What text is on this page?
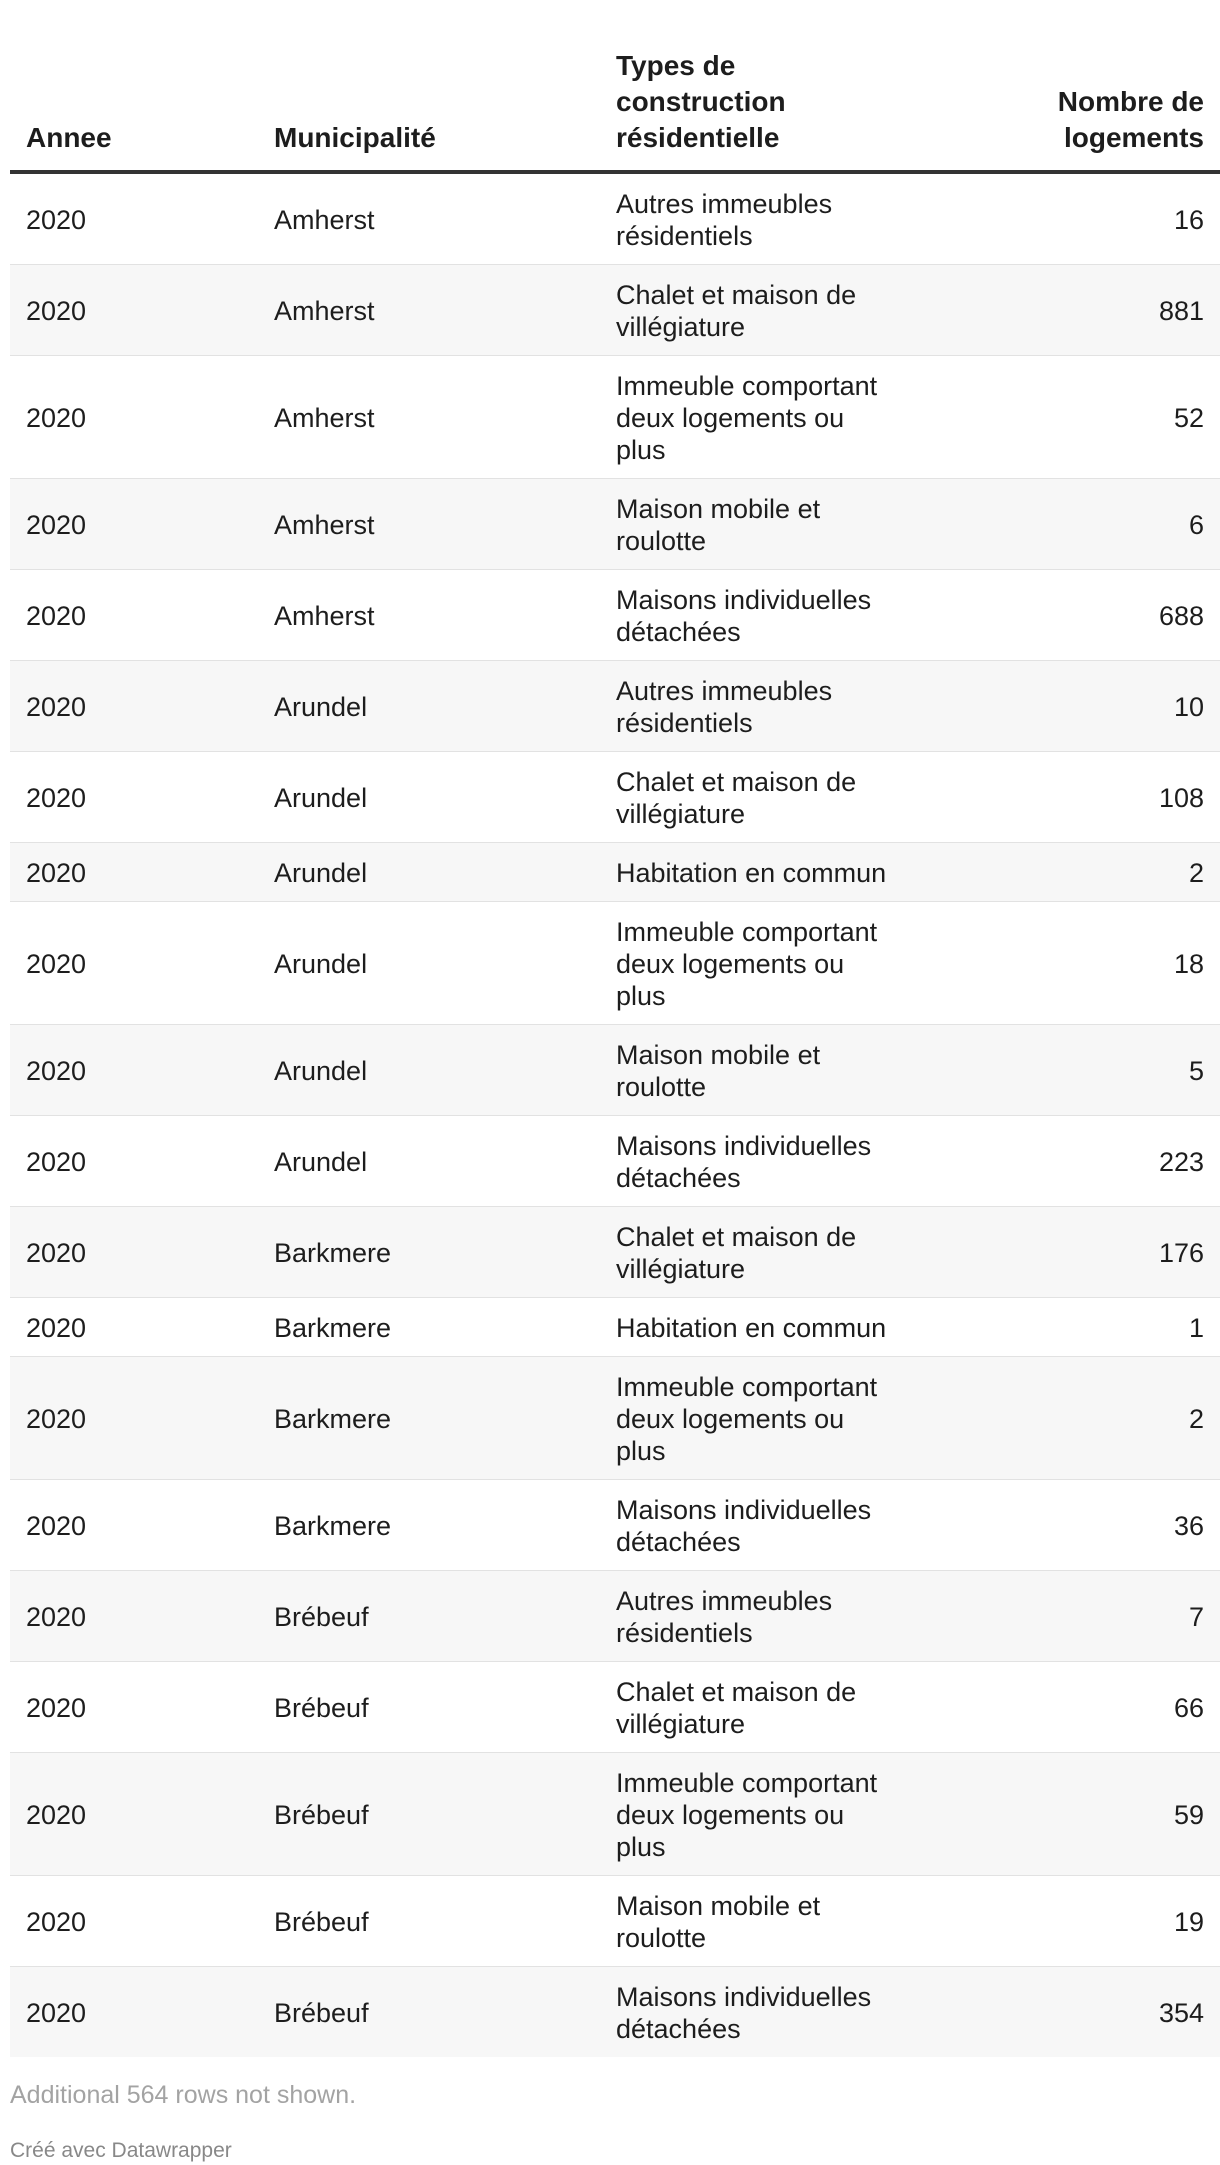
Annee	Municipalité	Types de construction résidentielle	Nombre de logements
2020	Amherst	Autres immeubles résidentiels	16
2020	Amherst	Chalet et maison de villégiature	881
2020	Amherst	Immeuble comportant deux logements ou plus	52
2020	Amherst	Maison mobile et roulotte	6
2020	Amherst	Maisons individuelles détachées	688
2020	Arundel	Autres immeubles résidentiels	10
2020	Arundel	Chalet et maison de villégiature	108
2020	Arundel	Habitation en commun	2
2020	Arundel	Immeuble comportant deux logements ou plus	18
2020	Arundel	Maison mobile et roulotte	5
2020	Arundel	Maisons individuelles détachées	223
2020	Barkmere	Chalet et maison de villégiature	176
2020	Barkmere	Habitation en commun	1
2020	Barkmere	Immeuble comportant deux logements ou plus	2
2020	Barkmere	Maisons individuelles détachées	36
2020	Brébeuf	Autres immeubles résidentiels	7
2020	Brébeuf	Chalet et maison de villégiature	66
2020	Brébeuf	Immeuble comportant deux logements ou plus	59
2020	Brébeuf	Maison mobile et roulotte	19
2020	Brébeuf	Maisons individuelles détachées	354
Additional 564 rows not shown.
Créé avec Datawrapper
